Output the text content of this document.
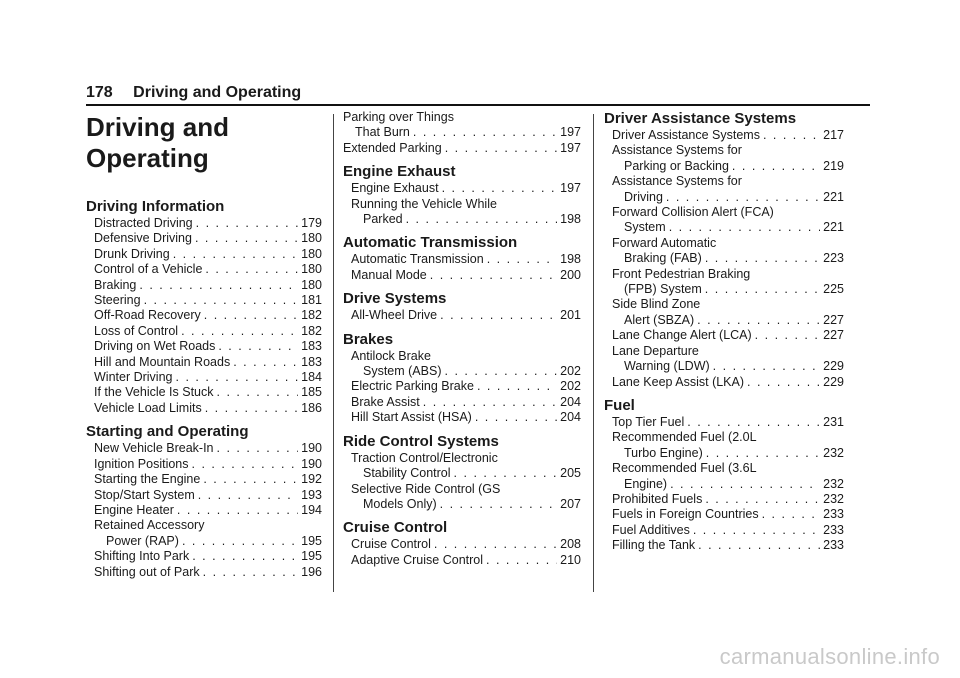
178 Driving and Operating
Driving and
Operating
Driving Information
Distracted Driving . . .	179
Defensive Driving . . .	180
Drunk Driving . . .	180
Control of a Vehicle . . .	180
Braking . . .	180
Steering . . .	181
Off-Road Recovery . . .	182
Loss of Control . . .	182
Driving on Wet Roads . . .	183
Hill and Mountain Roads . . .	183
Winter Driving . . .	184
If the Vehicle Is Stuck . . .	185
Vehicle Load Limits . . .	186
Starting and Operating
New Vehicle Break-In . . .	190
Ignition Positions . . .	190
Starting the Engine . . .	192
Stop/Start System . . .	193
Engine Heater . . .	194
Retained Accessory
Power (RAP) . . .	195
Shifting Into Park . . .	195
Shifting out of Park . . .	196
Parking over Things
That Burn . . .	197
Extended Parking . . .	197
Engine Exhaust
Engine Exhaust . . .	197
Running the Vehicle While
Parked . . .	198
Automatic Transmission
Automatic Transmission . . .	198
Manual Mode . . .	200
Drive Systems
All-Wheel Drive . . .	201
Brakes
Antilock Brake
System (ABS) . . .	202
Electric Parking Brake . . .	202
Brake Assist . . .	204
Hill Start Assist (HSA) . . .	204
Ride Control Systems
Traction Control/Electronic
Stability Control . . .	205
Selective Ride Control (GS
Models Only) . . .	207
Cruise Control
Cruise Control . . .	208
Adaptive Cruise Control . . .	210
Driver Assistance Systems
Driver Assistance Systems . . .	217
Assistance Systems for
Parking or Backing . . .	219
Assistance Systems for
Driving . . .	221
Forward Collision Alert (FCA)
System . . .	221
Forward Automatic
Braking (FAB) . . .	223
Front Pedestrian Braking
(FPB) System . . .	225
Side Blind Zone
Alert (SBZA) . . .	227
Lane Change Alert (LCA) . . .	227
Lane Departure
Warning (LDW) . . .	229
Lane Keep Assist (LKA) . . .	229
Fuel
Top Tier Fuel . . .	231
Recommended Fuel (2.0L
Turbo Engine) . . .	232
Recommended Fuel (3.6L
Engine) . . .	232
Prohibited Fuels . . .	232
Fuels in Foreign Countries . . .	233
Fuel Additives . . .	233
Filling the Tank . . .	233
carmanualsonline.info
